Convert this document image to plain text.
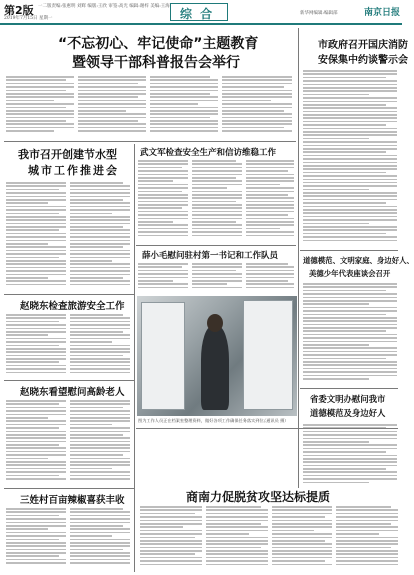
第2版 一二版责编:张惠明 刘辉 编版:王欣 审签:高光 编辑:谢梓 美编:王海
2019年7月15日 星期一	综 合	新华网编辑:编辑部	南京日报
“不忘初心、牢记使命”主题教育
暨领导干部科普报告会举行
市政府召开国庆消防
安保集中约谈警示会
我市召开创建节水型
城市工作推进会
武文军检查安全生产和信访维稳工作
薛小毛慰问驻村第一书记和工作队员	道德模范、文明家庭、身边好人、
美德少年代表座谈会召开
赵晓东检查旅游安全工作
图为工作人员正在档案室整理资料，做好各项工作确保任务落实到位。
（通讯员 摄）
省委文明办慰问我市
道德模范及身边好人
赵晓东看望慰问高龄老人
三姓村百亩辣椒喜获丰收	商南力促脱贫攻坚达标提质
